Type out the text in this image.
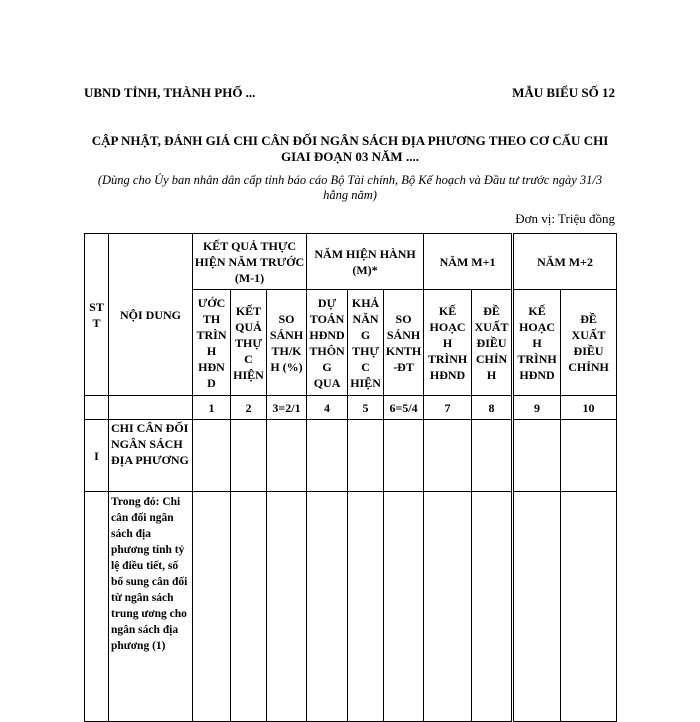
UBND TỈNH, THÀNH PHỐ ...	MẪU BIỂU SỐ 12
CẬP NHẬT, ĐÁNH GIÁ CHI CÂN ĐỐI NGÂN SÁCH ĐỊA PHƯƠNG THEO CƠ CẤU CHI GIAI ĐOẠN 03 NĂM ....
(Dùng cho Ủy ban nhân dân cấp tỉnh báo cáo Bộ Tài chính, Bộ Kế hoạch và Đầu tư trước ngày 31/3 hằng năm)
Đơn vị: Triệu đồng
STT	NỘI DUNG	KẾT QUẢ THỰC HIỆN NĂM TRƯỚC (M-1)			NĂM HIỆN HÀNH (M)*			NĂM M+1		NĂM M+2	
		ƯỚC TH TRÌNH HĐND	KẾT QUẢ THỰC HIỆN	SO SÁNH TH/KH (%)	DỰ TOÁN HĐND THÔNG QUA	KHẢ NĂNG THỰC HIỆN	SO SÁNH KNTH-ĐT	KẾ HOẠCH TRÌNH HĐND	ĐỀ XUẤT ĐIỀU CHỈNH	KẾ HOẠCH TRÌNH HĐND	ĐỀ XUẤT ĐIỀU CHỈNH
		1	2	3=2/1	4	5	6=5/4	7	8	9	10
I	CHI CÂN ĐỐI NGÂN SÁCH ĐỊA PHƯƠNG										
	Trong đó: Chi cân đối ngân sách địa phương tính tỷ lệ điều tiết, số bổ sung cân đối từ ngân sách trung ương cho ngân sách địa phương (1)										
